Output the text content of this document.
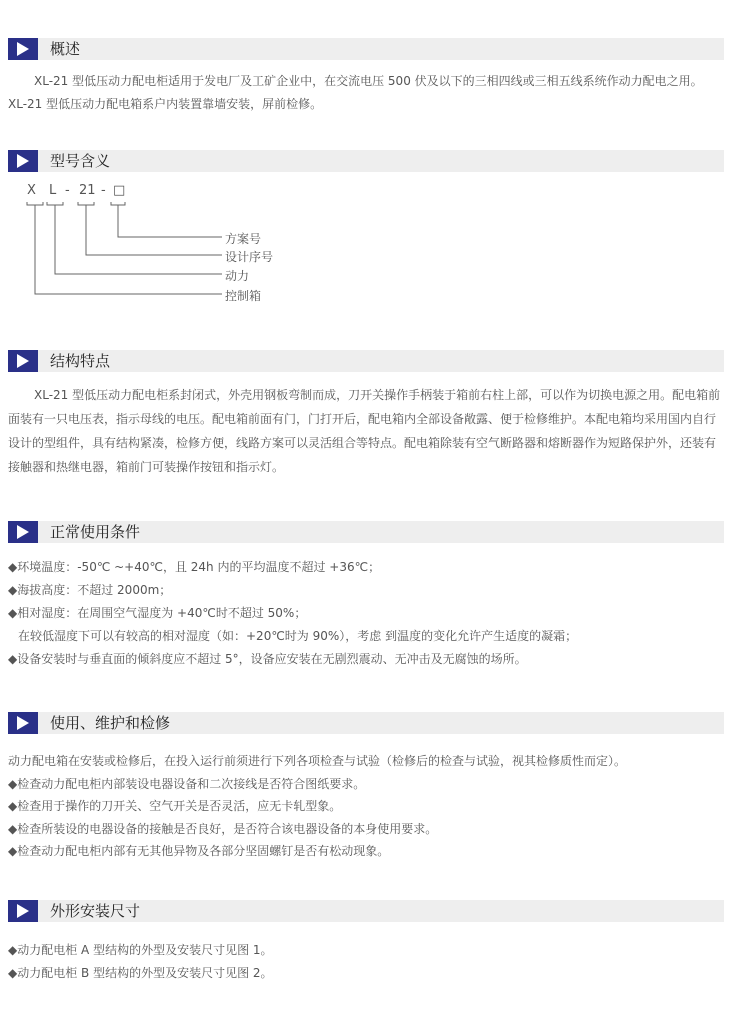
概述

XL-21 型低压动力配电柜适用于发电厂及工矿企业中，在交流电压 500 伏及以下的三相四线或三相五线系统作动力配电之用。

XL-21 型低压动力配电箱系户内装置靠墙安装，屏前检修。

型号含义
X L - 21 - □
方案号
设计序号
动力
控制箱
结构特点

XL-21 型低压动力配电柜系封闭式，外壳用钢板弯制而成，刀开关操作手柄装于箱前右柱上部，可以作为切换电源之用。配电箱前面装有一只电压表，指示母线的电压。配电箱前面有门，门打开后，配电箱内全部设备敞露、便于检修维护。本配电箱均采用国内自行设计的型组件，具有结构紧凑，检修方便，线路方案可以灵活组合等特点。配电箱除装有空气断路器和熔断器作为短路保护外，还装有接触器和热继电器，箱前门可装操作按钮和指示灯。

正常使用条件
◆环境温度：-50℃ ~+40℃，且 24h 内的平均温度不超过 +36℃；
◆海拔高度：不超过 2000m；
◆相对湿度：在周围空气湿度为 +40℃时不超过 50%；
在较低湿度下可以有较高的相对湿度（如：+20℃时为 90%），考虑 到温度的变化允许产生适度的凝霜；
◆设备安装时与垂直面的倾斜度应不超过 5°，设备应安装在无剧烈震动、无冲击及无腐蚀的场所。
使用、维护和检修
动力配电箱在安装或检修后，在投入运行前须进行下列各项检查与试验（检修后的检查与试验，视其检修质性而定）。
◆检查动力配电柜内部装设电器设备和二次接线是否符合图纸要求。
◆检查用于操作的刀开关、空气开关是否灵活，应无卡轧型象。
◆检查所装设的电器设备的接触是否良好，是否符合该电器设备的本身使用要求。
◆检查动力配电柜内部有无其他异物及各部分坚固螺钉是否有松动现象。
外形安装尺寸
◆动力配电柜 A 型结构的外型及安装尺寸见图 1。
◆动力配电柜 B 型结构的外型及安装尺寸见图 2。
